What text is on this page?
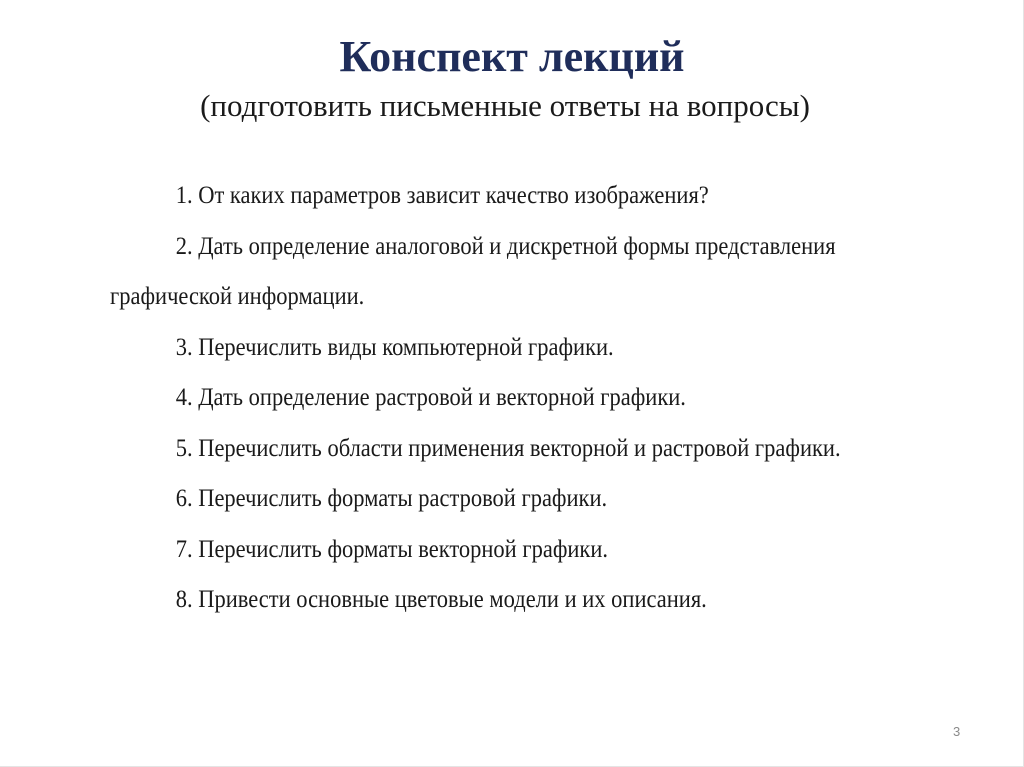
Конспект лекций

(подготовить письменные ответы на вопросы)

1. От каких параметров зависит качество изображения?
2. Дать определение аналоговой и дискретной формы представления графической информации.
3. Перечислить виды компьютерной графики.
4. Дать определение растровой и векторной графики.
5. Перечислить области применения векторной и растровой графики.
6. Перечислить форматы растровой графики.
7. Перечислить форматы векторной графики.
8. Привести основные цветовые модели и их описания.
3
